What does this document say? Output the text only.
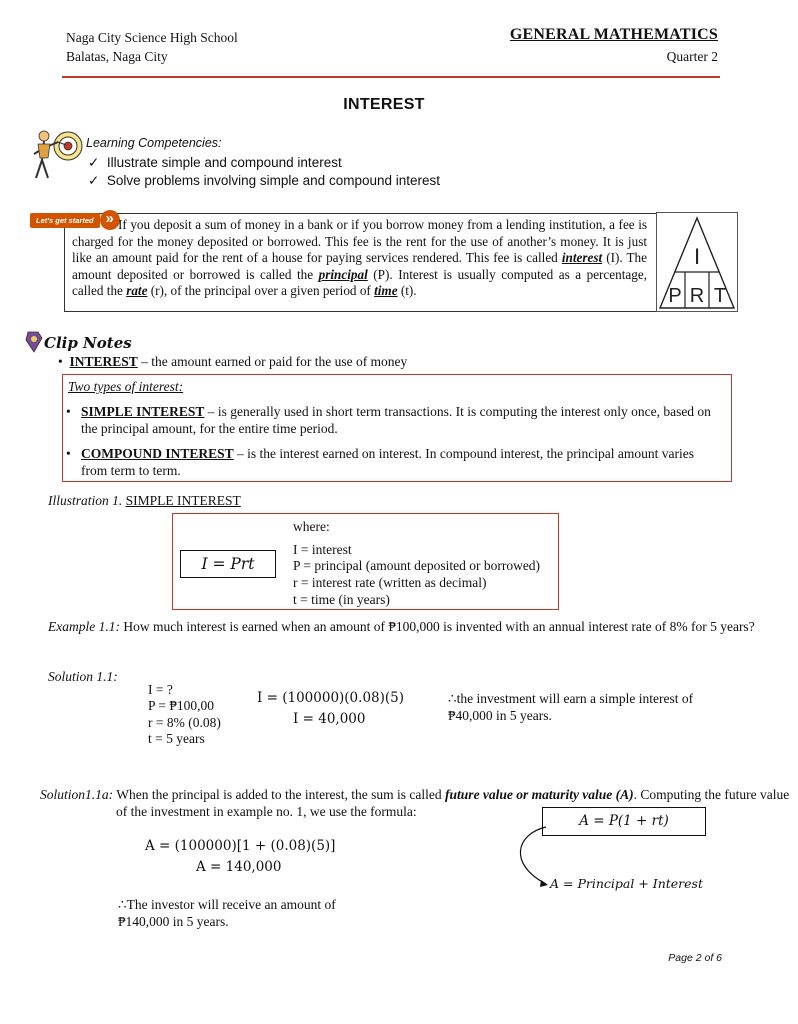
Naga City Science High School
Balatas, Naga City
GENERAL MATHEMATICS
Quarter 2
INTEREST
Learning Competencies:
✓ Illustrate simple and compound interest
✓ Solve problems involving simple and compound interest
Let's get started » If you deposit a sum of money in a bank or if you borrow money from a lending institution, a fee is charged for the money deposited or borrowed. This fee is the rent for the use of another’s money. It is just like an amount paid for the rent of a house for paying services rendered. This fee is called interest (I). The amount deposited or borrowed is called the principal (P). Interest is usually computed as a percentage, called the rate (r), of the principal over a given period of time (t).
I
P R T
Clip Notes
• INTEREST – the amount earned or paid for the use of money
Two types of interest:
• SIMPLE INTEREST – is generally used in short term transactions. It is computing the interest only once, based on the principal amount, for the entire time period.
• COMPOUND INTEREST – is the interest earned on interest. In compound interest, the principal amount varies from term to term.
Illustration 1. SIMPLE INTEREST
I = Prt
where:
I = interest
P = principal (amount deposited or borrowed)
r = interest rate (written as decimal)
t = time (in years)
Example 1.1: How much interest is earned when an amount of ₱100,000 is invented with an annual interest rate of 8% for 5 years?
Solution 1.1:
I = ?
P = ₱100,00
r = 8% (0.08)
t = 5 years
I = (100000)(0.08)(5)
I = 40,000
∴the investment will earn a simple interest of ₱40,000 in 5 years.
Solution1.1a: When the principal is added to the interest, the sum is called future value or maturity value (A). Computing the future value of the investment in example no. 1, we use the formula:
A = P(1 + rt)
A = (100000)[1 + (0.08)(5)]
A = 140,000
A = Principal + Interest
∴The investor will receive an amount of ₱140,000 in 5 years.
Page 2 of 6
